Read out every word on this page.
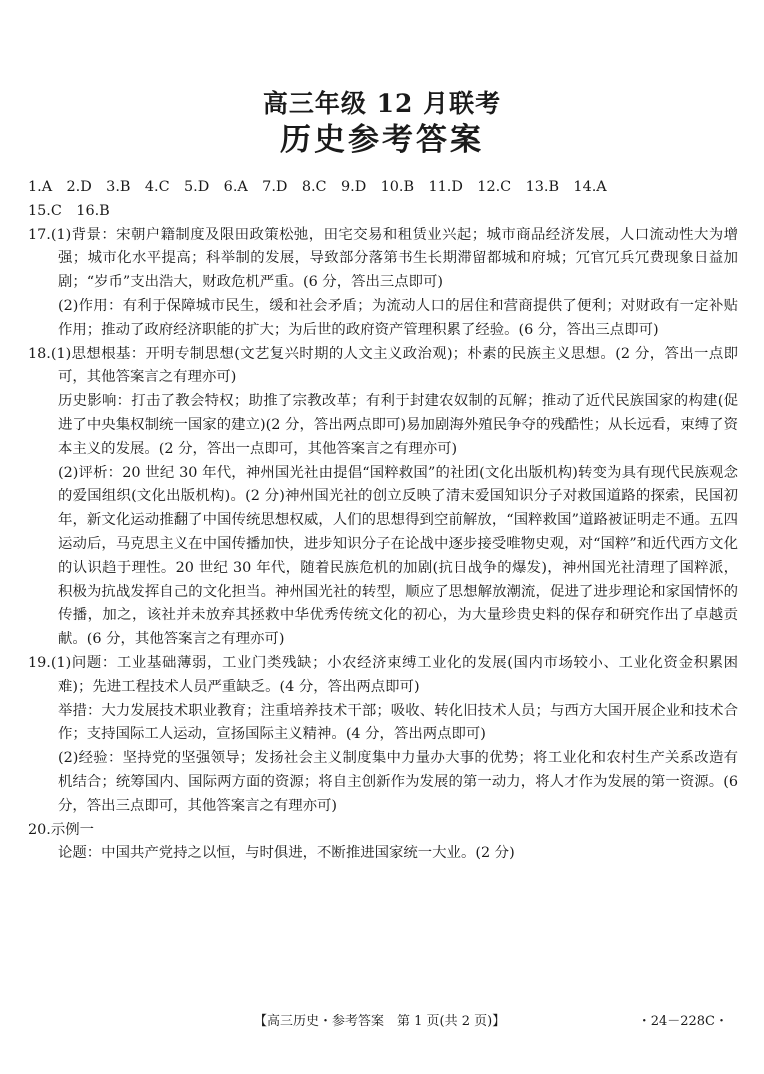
高三年级 12 月联考
历史参考答案

1.A　2.D　3.B　4.C　5.D　6.A　7.D　8.C　9.D　10.B　11.D　12.C　13.B　14.A

15.C　16.B

17.(1)背景：宋朝户籍制度及限田政策松弛，田宅交易和租赁业兴起；城市商品经济发展，人口流动性大为增强；城市化水平提高；科举制的发展，导致部分落第书生长期滞留都城和府城；冗官冗兵冗费现象日益加剧；“岁币”支出浩大，财政危机严重。(6 分，答出三点即可)

(2)作用：有利于保障城市民生，缓和社会矛盾；为流动人口的居住和营商提供了便利；对财政有一定补贴作用；推动了政府经济职能的扩大；为后世的政府资产管理积累了经验。(6 分，答出三点即可)

18.(1)思想根基：开明专制思想(文艺复兴时期的人文主义政治观)；朴素的民族主义思想。(2 分，答出一点即可，其他答案言之有理亦可)

历史影响：打击了教会特权；助推了宗教改革；有利于封建农奴制的瓦解；推动了近代民族国家的构建(促进了中央集权制统一国家的建立)(2 分，答出两点即可)易加剧海外殖民争夺的残酷性；从长远看，束缚了资本主义的发展。(2 分，答出一点即可，其他答案言之有理亦可)

(2)评析：20 世纪 30 年代，神州国光社由提倡“国粹救国”的社团(文化出版机构)转变为具有现代民族观念的爱国组织(文化出版机构)。(2 分)神州国光社的创立反映了清末爱国知识分子对救国道路的探索，民国初年，新文化运动推翻了中国传统思想权威，人们的思想得到空前解放，“国粹救国”道路被证明走不通。五四运动后，马克思主义在中国传播加快，进步知识分子在论战中逐步接受唯物史观，对“国粹”和近代西方文化的认识趋于理性。20 世纪 30 年代，随着民族危机的加剧(抗日战争的爆发)，神州国光社清理了国粹派，积极为抗战发挥自己的文化担当。神州国光社的转型，顺应了思想解放潮流，促进了进步理论和家国情怀的传播，加之，该社并未放弃其拯救中华优秀传统文化的初心，为大量珍贵史料的保存和研究作出了卓越贡献。(6 分，其他答案言之有理亦可)

19.(1)问题：工业基础薄弱，工业门类残缺；小农经济束缚工业化的发展(国内市场较小、工业化资金积累困难)；先进工程技术人员严重缺乏。(4 分，答出两点即可)

举措：大力发展技术职业教育；注重培养技术干部；吸收、转化旧技术人员；与西方大国开展企业和技术合作；支持国际工人运动，宣扬国际主义精神。(4 分，答出两点即可)

(2)经验：坚持党的坚强领导；发扬社会主义制度集中力量办大事的优势；将工业化和农村生产关系改造有机结合；统筹国内、国际两方面的资源；将自主创新作为发展的第一动力，将人才作为发展的第一资源。(6 分，答出三点即可，其他答案言之有理亦可)

20.示例一

论题：中国共产党持之以恒，与时俱进，不断推进国家统一大业。(2 分)

【高三历史・参考答案　第 1 页(共 2 页)】	・24－228C・
